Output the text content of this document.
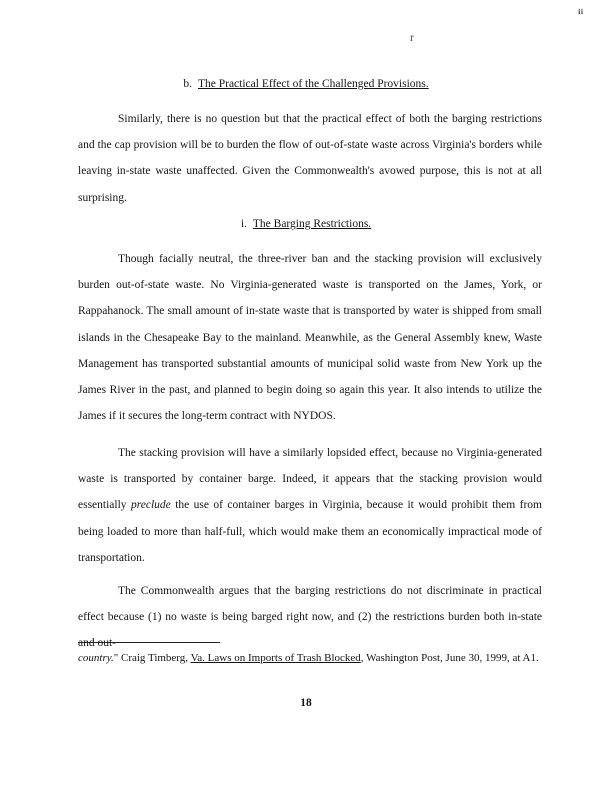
ℹ︎ℹ︎
r
b. The Practical Effect of the Challenged Provisions.

Similarly, there is no question but that the practical effect of both the barging restrictions and the cap provision will be to burden the flow of out-of-state waste across Virginia's borders while leaving in-state waste unaffected. Given the Commonwealth's avowed purpose, this is not at all surprising.

i. The Barging Restrictions.

Though facially neutral, the three-river ban and the stacking provision will exclusively burden out-of-state waste. No Virginia-generated waste is transported on the James, York, or Rappahanock. The small amount of in-state waste that is transported by water is shipped from small islands in the Chesapeake Bay to the mainland. Meanwhile, as the General Assembly knew, Waste Management has transported substantial amounts of municipal solid waste from New York up the James River in the past, and planned to begin doing so again this year. It also intends to utilize the James if it secures the long-term contract with NYDOS.

The stacking provision will have a similarly lopsided effect, because no Virginia-generated waste is transported by container barge. Indeed, it appears that the stacking provision would essentially preclude the use of container barges in Virginia, because it would prohibit them from being loaded to more than half-full, which would make them an economically impractical mode of transportation.

The Commonwealth argues that the barging restrictions do not discriminate in practical effect because (1) no waste is being barged right now, and (2) the restrictions burden both in-state and out-

country." Craig Timberg, Va. Laws on Imports of Trash Blocked, Washington Post, June 30, 1999, at A1.
18
